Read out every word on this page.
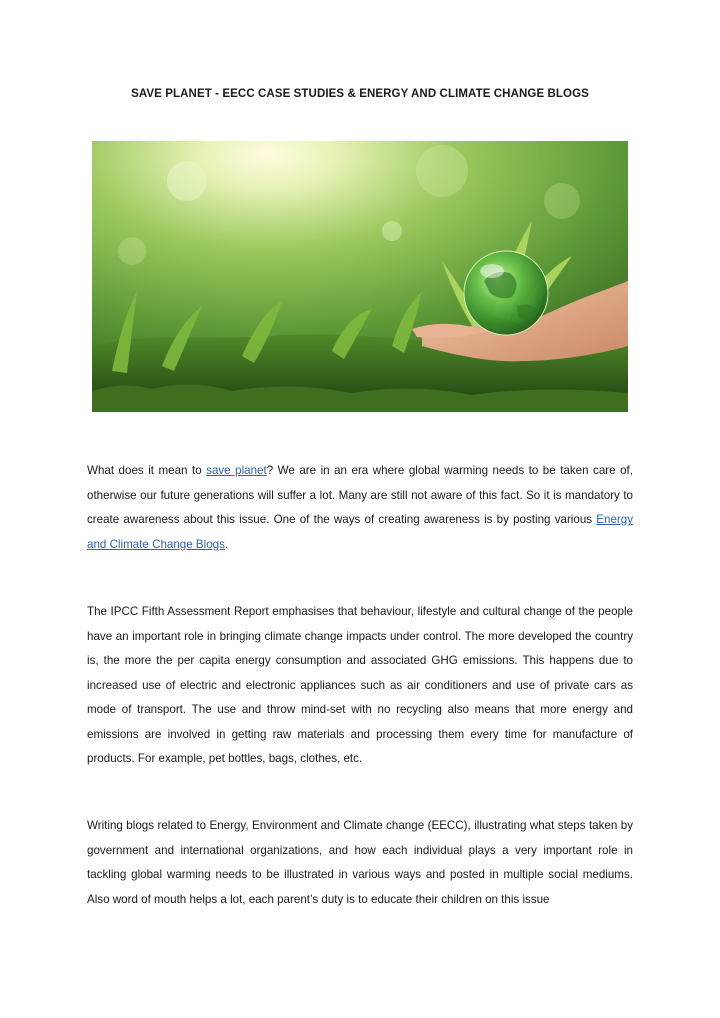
SAVE PLANET - EECC CASE STUDIES & ENERGY AND CLIMATE CHANGE BLOGS

What does it mean to save planet? We are in an era where global warming needs to be taken care of, otherwise our future generations will suffer a lot. Many are still not aware of this fact. So it is mandatory to create awareness about this issue. One of the ways of creating awareness is by posting various Energy and Climate Change Blogs.

The IPCC Fifth Assessment Report emphasises that behaviour, lifestyle and cultural change of the people have an important role in bringing climate change impacts under control. The more developed the country is, the more the per capita energy consumption and associated GHG emissions. This happens due to increased use of electric and electronic appliances such as air conditioners and use of private cars as mode of transport. The use and throw mind-set with no recycling also means that more energy and emissions are involved in getting raw materials and processing them every time for manufacture of products. For example, pet bottles, bags, clothes, etc.

Writing blogs related to Energy, Environment and Climate change (EECC), illustrating what steps taken by government and international organizations, and how each individual plays a very important role in tackling global warming needs to be illustrated in various ways and posted in multiple social mediums. Also word of mouth helps a lot, each parent’s duty is to educate their children on this issue
